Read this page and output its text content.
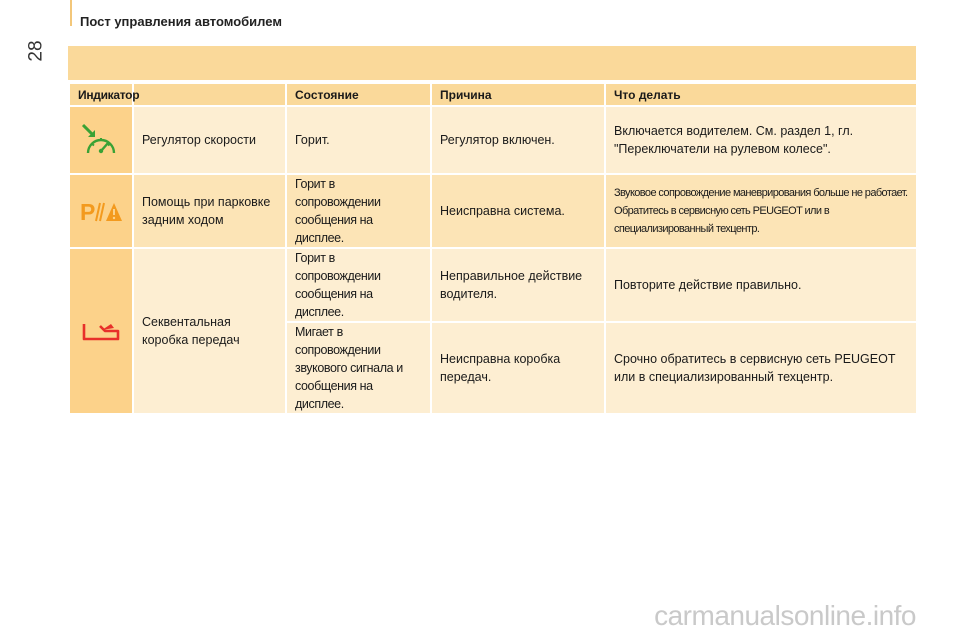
28
Пост управления автомобилем
Индикатор		Состояние	Причина	Что делать

	Регулятор скорости	Горит.	Регулятор включен.	Включается водителем. См. раздел 1, гл. "Переключатели на рулевом колесе".

P	Помощь при парковке задним ходом	Горит в сопровождении сообщения на дисплее.	Неисправна система.	Звуковое сопровождение маневрирования больше не работает. Обратитесь в сервисную сеть PEUGEOT или в специализированный техцентр.

	Секвентальная коробка передач	Горит в сопровождении сообщения на дисплее.	Неправильное действие водителя.	Повторите действие правильно.
		Мигает в сопровождении звукового сигнала и сообщения на дисплее.	Неисправна коробка передач.	Срочно обратитесь в сервисную сеть PEUGEOT или в специализированный техцентр.
carmanualsonline.info
